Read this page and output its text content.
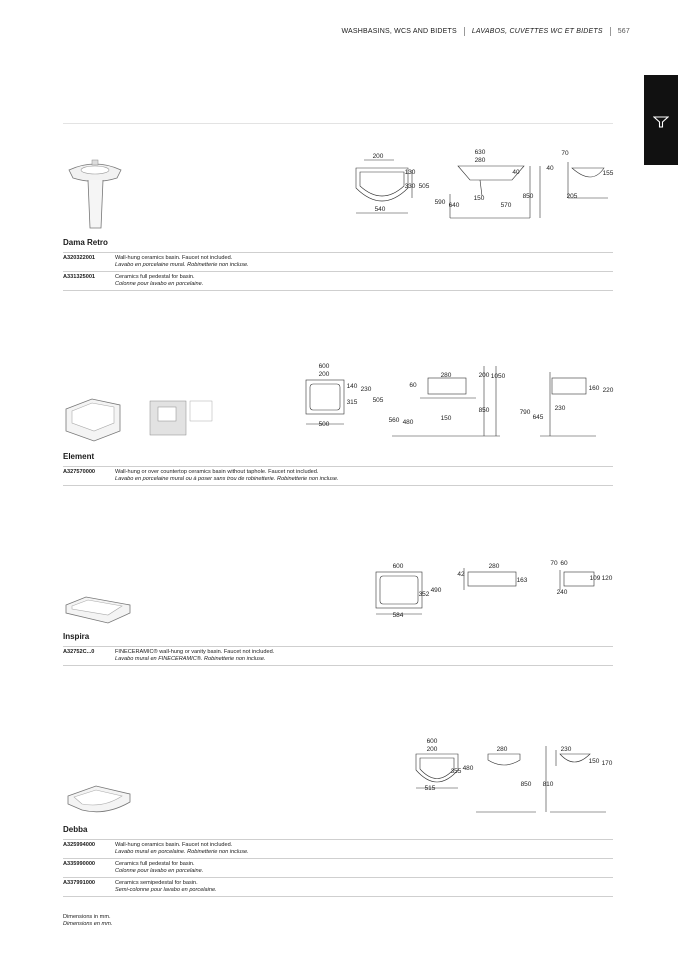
WASHBASINS, WCS AND BIDETS LAVABOS, CUVETTES WC ET BIDETS 567
200
130
330 505
540
630
280
40
850
590 640
150
570
70
40
155
205
Dama Retro
A320322001	Wall-hung ceramics basin. Faucet not included.
Lavabo en porcelaine mural. Robinetterie non incluse.
A331325001	Ceramics full pedestal for basin.
Colonne pour lavabo en porcelaine.
600
200
140 230
315 505
500
280	200
60
1050
850
560 480
150
160 220
790
645
230
Element
A327570000	Wall-hung or over countertop ceramics basin without taphole. Faucet not included.
Lavabo en porcelaine mural ou à poser sans trou de robinetterie. Robinetterie non incluse.
600
490
352
584
280
42
163
70 60
109 120
240
Inspira
A32752C...0	FINECERAMIC® wall-hung or vanity basin. Faucet not included.
Lavabo mural en FINECERAMIC®. Robinetterie non incluse.
600
200
355 480
515
280	230
150 170
850 810
Debba
A325994000	Wall-hung ceramics basin. Faucet not included.
Lavabo mural en porcelaine. Robinetterie non incluse.
A335990000	Ceramics full pedestal for basin.
Colonne pour lavabo en porcelaine.
A337991000	Ceramics semipedestal for basin.
Semi-colonne pour lavabo en porcelaine.
Dimensions in mm.
Dimensions en mm.
